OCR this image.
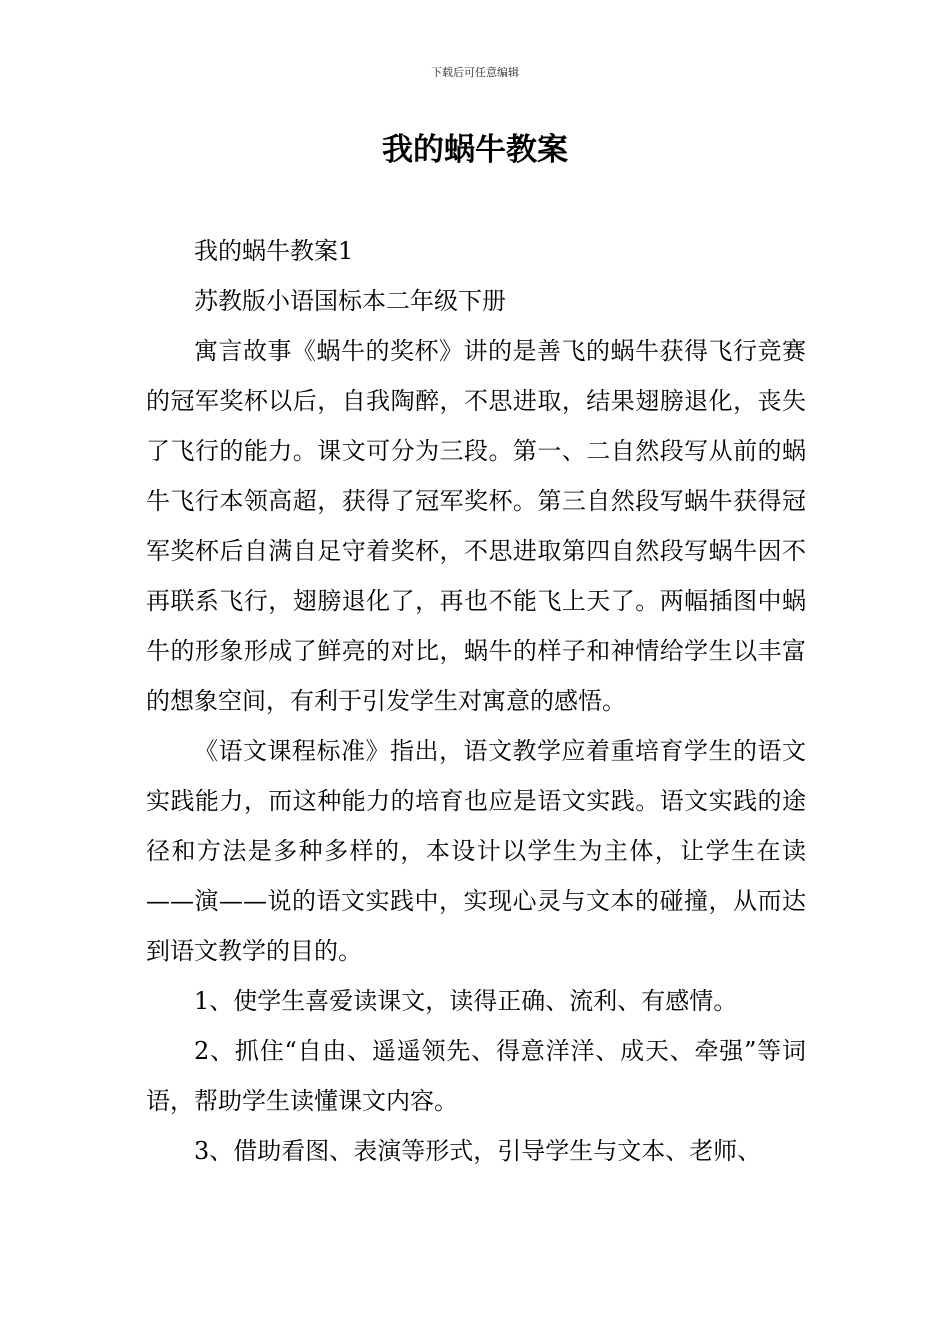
下载后可任意编辑
我的蜗牛教案

我的蜗牛教案1

苏教版小语国标本二年级下册

寓言故事《蜗牛的奖杯》讲的是善飞的蜗牛获得飞行竞赛的冠军奖杯以后，自我陶醉，不思进取，结果翅膀退化，丧失了飞行的能力。课文可分为三段。第一、二自然段写从前的蜗牛飞行本领高超，获得了冠军奖杯。第三自然段写蜗牛获得冠军奖杯后自满自足守着奖杯，不思进取第四自然段写蜗牛因不再联系飞行，翅膀退化了，再也不能飞上天了。两幅插图中蜗牛的形象形成了鲜亮的对比，蜗牛的样子和神情给学生以丰富的想象空间，有利于引发学生对寓意的感悟。

《语文课程标准》指出，语文教学应着重培育学生的语文实践能力，而这种能力的培育也应是语文实践。语文实践的途径和方法是多种多样的，本设计以学生为主体，让学生在读——演——说的语文实践中，实现心灵与文本的碰撞，从而达到语文教学的目的。

1、使学生喜爱读课文，读得正确、流利、有感情。

2、抓住“自由、遥遥领先、得意洋洋、成天、牵强”等词语，帮助学生读懂课文内容。

3、借助看图、表演等形式，引导学生与文本、老师、
